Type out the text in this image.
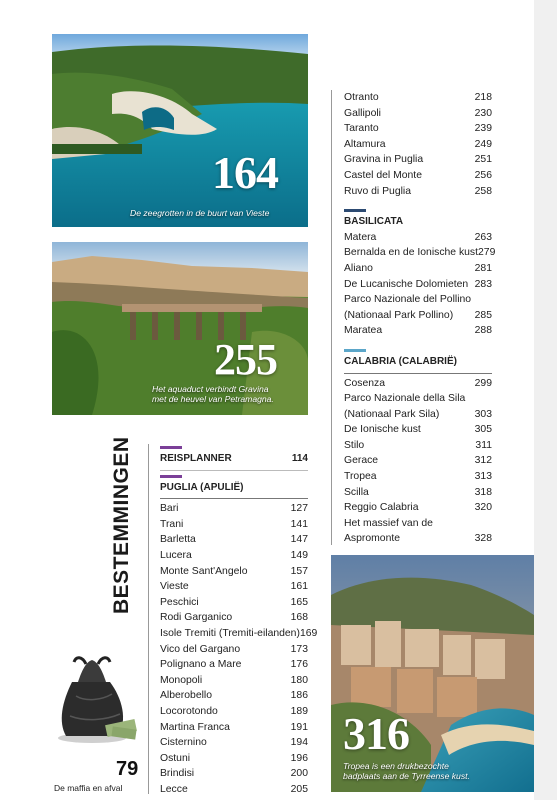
164
De zeegrotten in de buurt van Vieste
255
Het aquaduct verbindt Gravina
met de heuvel van Petramagna.
BESTEMMINGEN
79
De maffia en afval
REISPLANNER	114
PUGLIA (APULIË)
Bari	127
Trani	141
Barletta	147
Lucera	149
Monte Sant'Angelo	157
Vieste	161
Peschici	165
Rodi Garganico	168
Isole Tremiti (Tremiti-eilanden) 169
Vico del Gargano	173
Polignano a Mare	176
Monopoli	180
Alberobello	186
Locorotondo	189
Martina Franca	191
Cisternino	194
Ostuni	196
Brindisi	200
Lecce	205
Otranto	218
Gallipoli	230
Taranto	239
Altamura	249
Gravina in Puglia	251
Castel del Monte	256
Ruvo di Puglia	258
BASILICATA
Matera	263
Bernalda en de Ionische kust 279
Aliano	281
De Lucanische Dolomieten 283
Parco Nazionale del Pollino
(Nationaal Park Pollino) 285
Maratea	288
CALABRIA (CALABRIË)
Cosenza	299
Parco Nazionale della Sila
(Nationaal Park Sila)	303
De Ionische kust	305
Stilo	311
Gerace	312
Tropea	313
Scilla	318
Reggio Calabria	320
Het massief van de
Aspromonte	328
316
Tropea is een drukbezochte
badplaats aan de Tyrreense kust.
